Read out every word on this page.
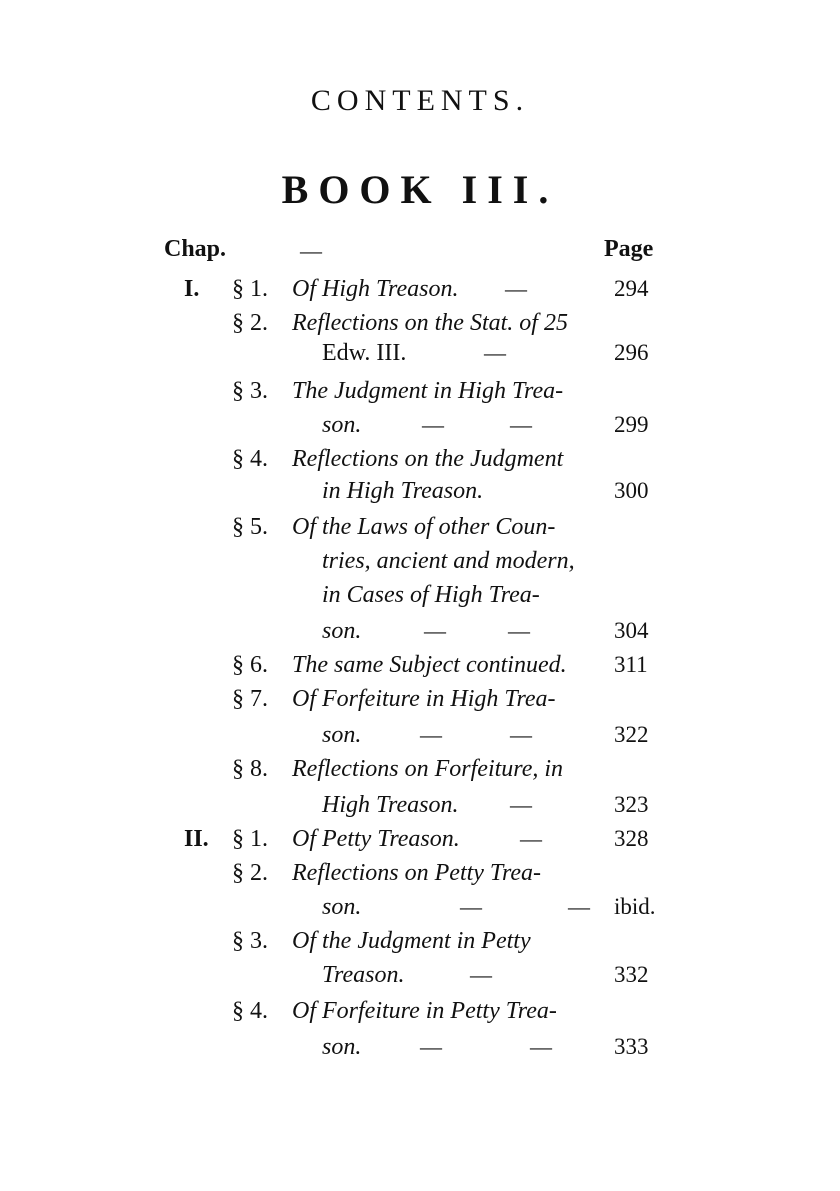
CONTENTS.
BOOK III.
Chap.	—	Page
I. § 1. Of High Treason. —	294
§ 2. Reflections on the Stat. of 25
Edw. III.	—	296
§ 3. The Judgment in High Trea-
son.	—	—	299
§ 4. Reflections on the Judgment
in High Treason.	300
§ 5. Of the Laws of other Coun-
tries, ancient and modern,
in Cases of High Trea-
son.	—	—	304
§ 6. The same Subject continued. 311
§ 7. Of Forfeiture in High Trea-
son.	—	—	322
§ 8. Reflections on Forfeiture, in
High Treason. —	323
II. § 1. Of Petty Treason.	—	328
§ 2. Reflections on Petty Trea-
son.	—	— ibid.
§ 3. Of the Judgment in Petty
Treason.	—	332
§ 4. Of Forfeiture in Petty Trea-
son.	—	—	333
